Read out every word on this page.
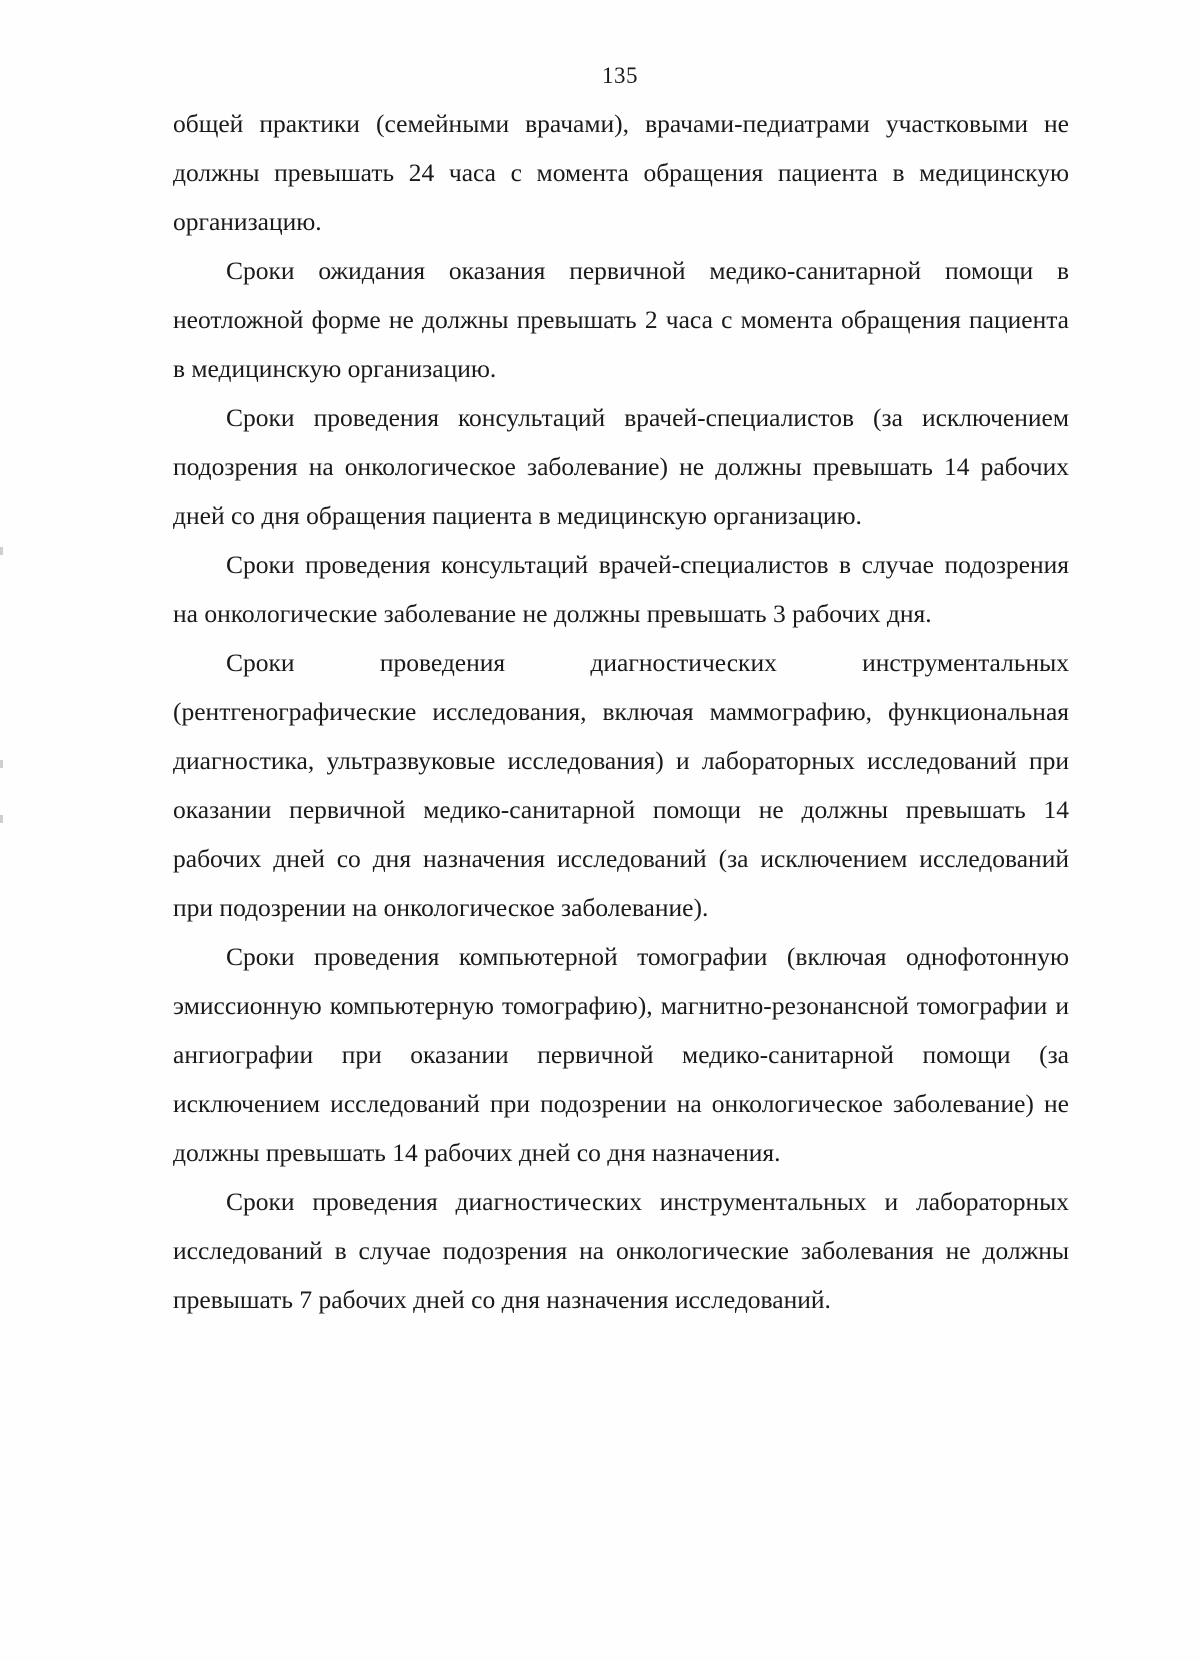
135

общей практики (семейными врачами), врачами-педиатрами участковыми не должны превышать 24 часа с момента обращения пациента в медицинскую организацию.

Сроки ожидания оказания первичной медико-санитарной помощи в неотложной форме не должны превышать 2 часа с момента обращения пациента в медицинскую организацию.

Сроки проведения консультаций врачей-специалистов (за исключением подозрения на онкологическое заболевание) не должны превышать 14 рабочих дней со дня обращения пациента в медицинскую организацию.

Сроки проведения консультаций врачей-специалистов в случае подозрения на онкологические заболевание не должны превышать 3 рабочих дня.

Сроки проведения диагностических инструментальных (рентгенографические исследования, включая маммографию, функциональная диагностика, ультразвуковые исследования) и лабораторных исследований при оказании первичной медико-санитарной помощи не должны превышать 14 рабочих дней со дня назначения исследований (за исключением исследований при подозрении на онкологическое заболевание).

Сроки проведения компьютерной томографии (включая однофотонную эмиссионную компьютерную томографию), магнитно-резонансной томографии и ангиографии при оказании первичной медико-санитарной помощи (за исключением исследований при подозрении на онкологическое заболевание) не должны превышать 14 рабочих дней со дня назначения.

Сроки проведения диагностических инструментальных и лабораторных исследований в случае подозрения на онкологические заболевания не должны превышать 7 рабочих дней со дня назначения исследований.
